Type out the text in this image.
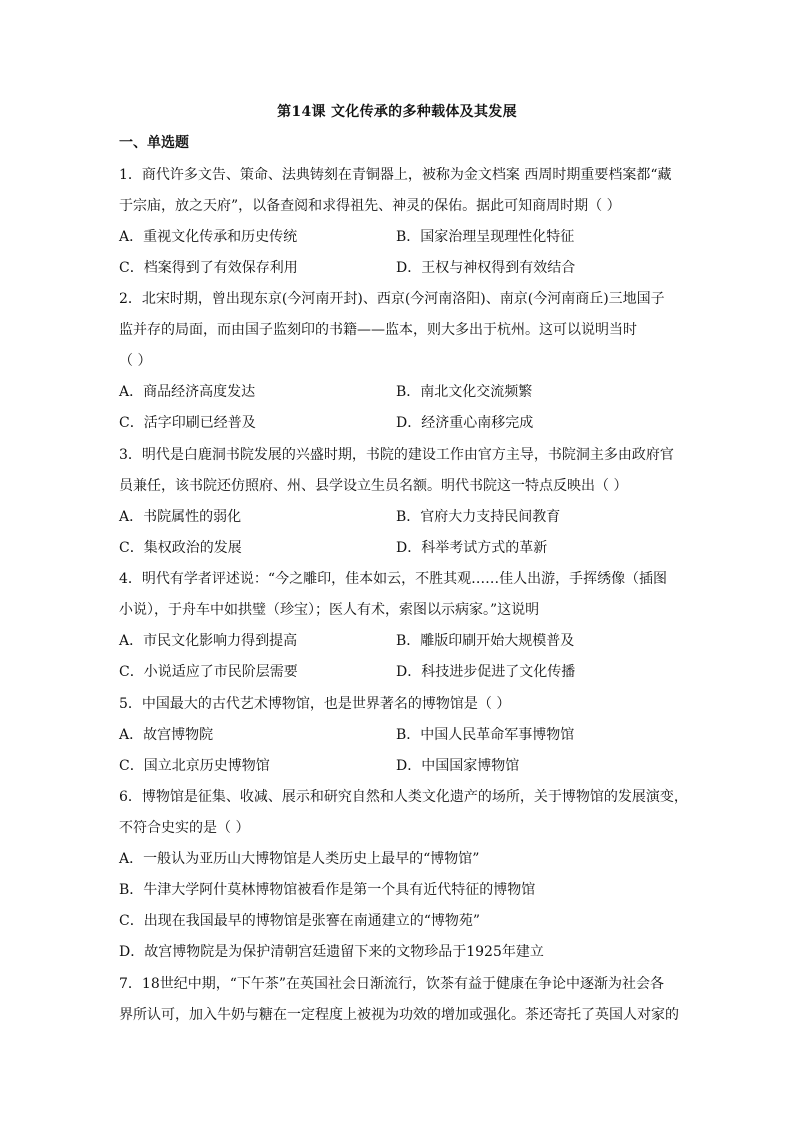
第14课 文化传承的多种载体及其发展
一、单选题
1．商代许多文告、策命、法典铸刻在青铜器上，被称为金文档案 西周时期重要档案都“藏
于宗庙，放之天府”，以备查阅和求得祖先、神灵的保佑。据此可知商周时期（ ）
A．重视文化传承和历史传统	B．国家治理呈现理性化特征
C．档案得到了有效保存利用	D．王权与神权得到有效结合
2．北宋时期，曾出现东京(今河南开封)、西京(今河南洛阳)、南京(今河南商丘)三地国子
监并存的局面，而由国子监刻印的书籍——监本，则大多出于杭州。这可以说明当时
（ ）
A．商品经济高度发达	B．南北文化交流频繁
C．活字印刷已经普及	D．经济重心南移完成
3．明代是白鹿洞书院发展的兴盛时期，书院的建设工作由官方主导，书院洞主多由政府官
员兼任，该书院还仿照府、州、县学设立生员名额。明代书院这一特点反映出（ ）
A．书院属性的弱化	B．官府大力支持民间教育
C．集权政治的发展	D．科举考试方式的革新
4．明代有学者评述说：“今之雕印，佳本如云，不胜其观……佳人出游，手挥绣像（插图
小说），于舟车中如拱璧（珍宝）；医人有术，索图以示病家。”这说明
A．市民文化影响力得到提高	B．雕版印刷开始大规模普及
C．小说适应了市民阶层需要	D．科技进步促进了文化传播
5．中国最大的古代艺术博物馆，也是世界著名的博物馆是（ ）
A．故宫博物院	B．中国人民革命军事博物馆
C．国立北京历史博物馆	D．中国国家博物馆
6．博物馆是征集、收减、展示和研究自然和人类文化遗产的场所，关于博物馆的发展演变，
不符合史实的是（ ）
A．一般认为亚历山大博物馆是人类历史上最早的“博物馆”
B．牛津大学阿什莫林博物馆被看作是第一个具有近代特征的博物馆
C．出现在我国最早的博物馆是张謇在南通建立的“博物苑”
D．故宫博物院是为保护清朝宫廷遗留下来的文物珍品于1925年建立
7．18世纪中期，“下午茶”在英国社会日渐流行，饮茶有益于健康在争论中逐渐为社会各
界所认可，加入牛奶与糖在一定程度上被视为功效的增加或强化。茶还寄托了英国人对家的
